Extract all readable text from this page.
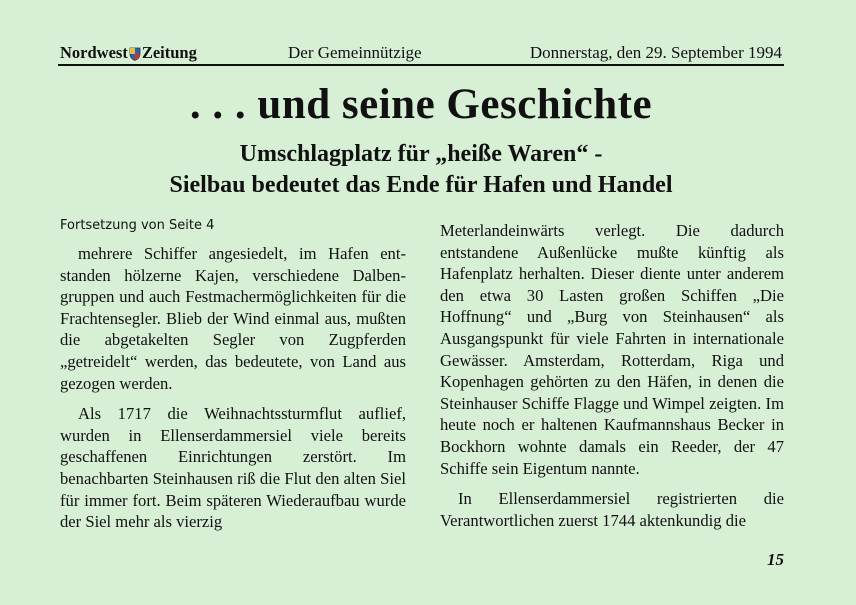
Nordwest Zeitung	Der Gemeinnützige	Donnerstag, den 29. September 1994
. . . und seine Geschichte
Umschlagplatz für „heiße Waren“ -
Sielbau bedeutet das Ende für Hafen und Handel

Fortsetzung von Seite 4

mehrere Schiffer angesiedelt, im Hafen entstanden hölzerne Kajen, verschiedene Dalbengruppen und auch Festmachermöglichkeiten für die Frachtensegler. Blieb der Wind einmal aus, mußten die abgetakelten Segler von Zugpferden „getreidelt“ werden, das bedeutete, von Land aus gezogen werden.

Als 1717 die Weihnachtssturmflut auflief, wurden in Ellenserdammersiel viele bereits geschaffenen Einrichtungen zerstört. Im benachbarten Steinhausen riß die Flut den alten Siel für immer fort. Beim späteren Wiederaufbau wurde der Siel mehr als vierzig

Meterlandeinwärts verlegt. Die dadurch entstandene Außenlücke mußte künftig als Hafenplatz herhalten. Dieser diente unter anderem den etwa 30 Lasten großen Schiffen „Die Hoffnung“ und „Burg von Steinhausen“ als Ausgangspunkt für viele Fahrten in internationale Gewässer. Amsterdam, Rotterdam, Riga und Kopenhagen gehörten zu den Häfen, in denen die Steinhauser Schiffe Flagge und Wimpel zeigten. Im heute noch er haltenen Kaufmannshaus Becker in Bockhorn wohnte damals ein Reeder, der 47 Schiffe sein Eigentum nannte.

In Ellenserdammersiel registrierten die Verantwortlichen zuerst 1744 aktenkundig die

15
